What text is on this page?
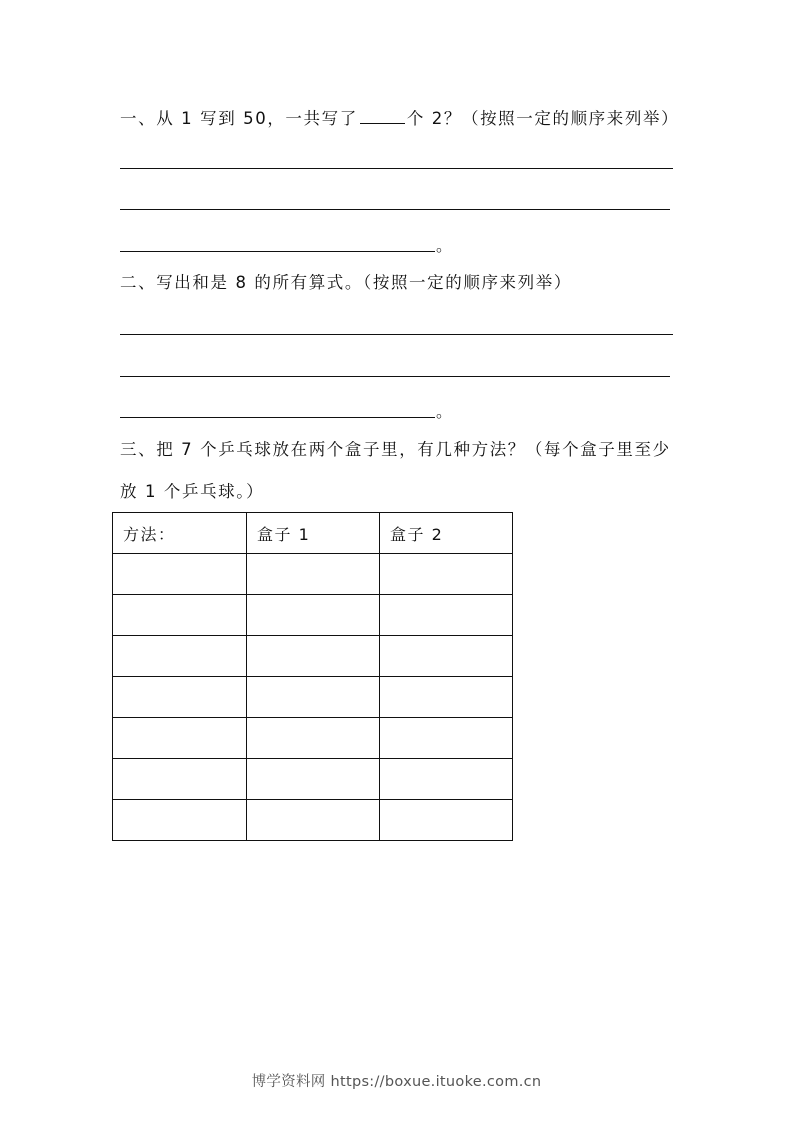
一、从 1 写到 50，一共写了	个 2？（按照一定的顺序来列举）
。
二、写出和是 8 的所有算式。（按照一定的顺序来列举）
。
三、把 7 个乒乓球放在两个盒子里，有几种方法？（每个盒子里至少
放 1 个乒乓球。）
方法：	盒子 1	盒子 2

博学资料网 https://boxue.ituoke.com.cn
